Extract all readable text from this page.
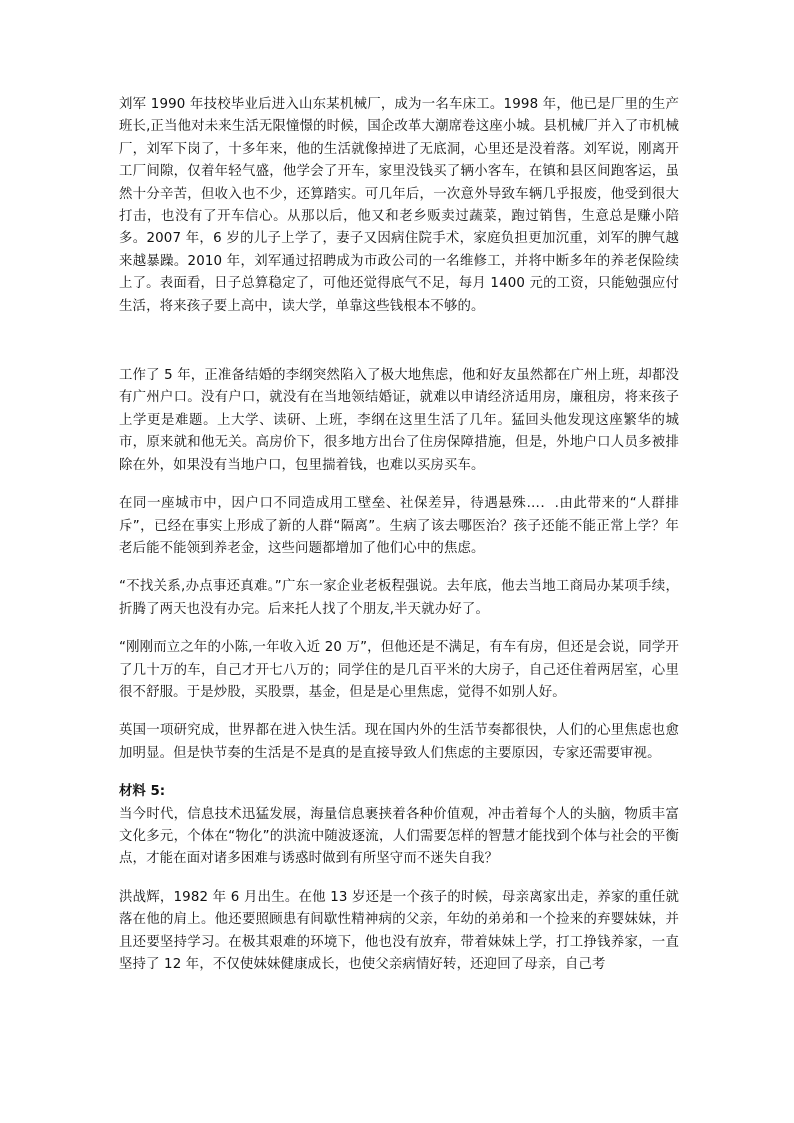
刘军 1990 年技校毕业后进入山东某机械厂，成为一名车床工。1998 年，他已是厂里的生产班长,正当他对未来生活无限憧憬的时候，国企改革大潮席卷这座小城。县机械厂并入了市机械厂，刘军下岗了，十多年来，他的生活就像掉进了无底洞，心里还是没着落。刘军说，刚离开工厂间隙，仅着年轻气盛，他学会了开车，家里没钱买了辆小客车，在镇和县区间跑客运，虽然十分辛苦，但收入也不少，还算踏实。可几年后，一次意外导致车辆几乎报废，他受到很大打击，也没有了开车信心。从那以后，他又和老乡贩卖过蔬菜，跑过销售，生意总是赚小陪多。2007 年，6 岁的儿子上学了，妻子又因病住院手术，家庭负担更加沉重，刘军的脾气越来越暴躁。2010 年，刘军通过招聘成为市政公司的一名维修工，并将中断多年的养老保险续上了。表面看，日子总算稳定了，可他还觉得底气不足，每月 1400 元的工资，只能勉强应付生活，将来孩子要上高中，读大学，单靠这些钱根本不够的。

工作了 5 年，正准备结婚的李纲突然陷入了极大地焦虑，他和好友虽然都在广州上班，却都没有广州户口。没有户口，就没有在当地领结婚证，就难以申请经济适用房，廉租房，将来孩子上学更是难题。上大学、读研、上班，李纲在这里生活了几年。猛回头他发现这座繁华的城市，原来就和他无关。高房价下，很多地方出台了住房保障措施，但是，外地户口人员多被排除在外，如果没有当地户口，包里揣着钱，也难以买房买车。

在同一座城市中，因户口不同造成用工壁垒、社保差异，待遇悬殊…．.由此带来的“人群排斥”，已经在事实上形成了新的人群“隔离”。生病了该去哪医治？孩子还能不能正常上学？年老后能不能领到养老金，这些问题都增加了他们心中的焦虑。

“不找关系,办点事还真难。”广东一家企业老板程强说。去年底，他去当地工商局办某项手续，折腾了两天也没有办完。后来托人找了个朋友,半天就办好了。

“刚刚而立之年的小陈,一年收入近 20 万”，但他还是不满足，有车有房，但还是会说，同学开了几十万的车，自己才开七八万的；同学住的是几百平米的大房子，自己还住着两居室，心里很不舒服。于是炒股，买股票，基金，但是是心里焦虑，觉得不如别人好。

英国一项研究成，世界都在进入快生活。现在国内外的生活节奏都很快，人们的心里焦虑也愈加明显。但是快节奏的生活是不是真的是直接导致人们焦虑的主要原因，专家还需要审视。

材料 5:

当今时代，信息技术迅猛发展，海量信息裹挟着各种价值观，冲击着每个人的头脑，物质丰富文化多元，个体在“物化”的洪流中随波逐流，人们需要怎样的智慧才能找到个体与社会的平衡点，才能在面对诸多困难与诱惑时做到有所坚守而不迷失自我？

洪战辉，1982 年 6 月出生。在他 13 岁还是一个孩子的时候，母亲离家出走，养家的重任就落在他的肩上。他还要照顾患有间歇性精神病的父亲，年幼的弟弟和一个捡来的弃婴妹妹，并且还要坚持学习。在极其艰难的环境下，他也没有放弃，带着妹妹上学，打工挣钱养家，一直坚持了 12 年，不仅使妹妹健康成长，也使父亲病情好转，还迎回了母亲，自己考
